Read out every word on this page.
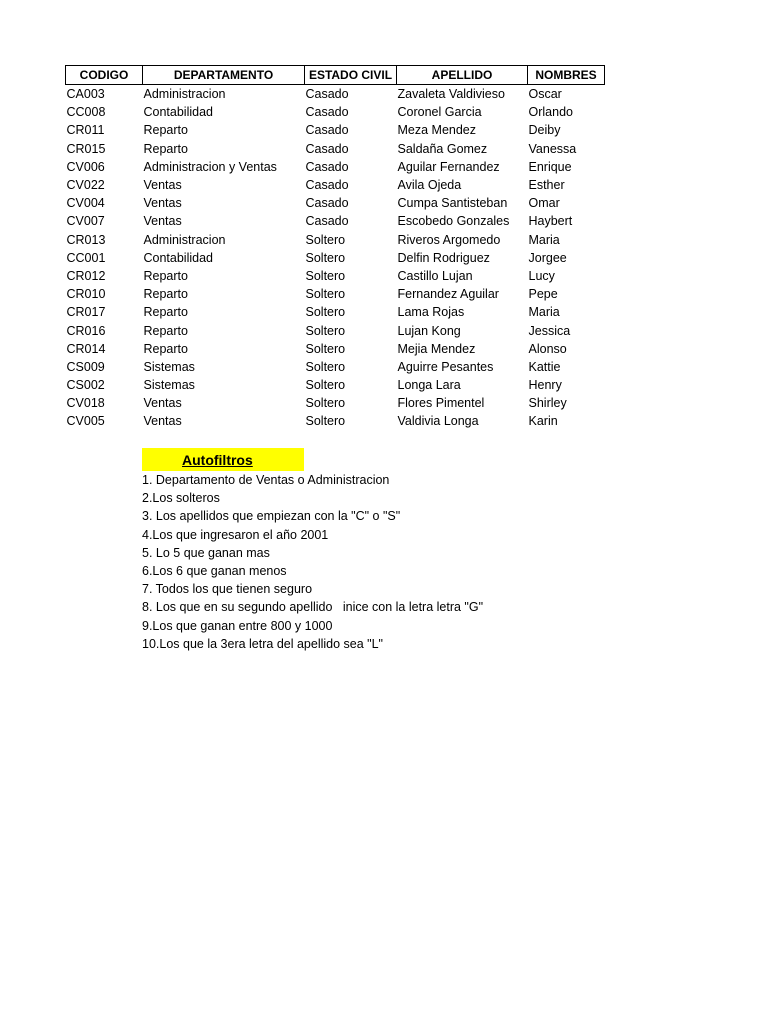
CODIGO	DEPARTAMENTO	ESTADO CIVIL	APELLIDO	NOMBRES
CA003	Administracion	Casado	Zavaleta Valdivieso	Oscar
CC008	Contabilidad	Casado	Coronel Garcia	Orlando
CR011	Reparto	Casado	Meza Mendez	Deiby
CR015	Reparto	Casado	Saldaña Gomez	Vanessa
CV006	Administracion y Ventas	Casado	Aguilar Fernandez	Enrique
CV022	Ventas	Casado	Avila Ojeda	Esther
CV004	Ventas	Casado	Cumpa Santisteban	Omar
CV007	Ventas	Casado	Escobedo Gonzales	Haybert
CR013	Administracion	Soltero	Riveros Argomedo	Maria
CC001	Contabilidad	Soltero	Delfin Rodriguez	Jorgee
CR012	Reparto	Soltero	Castillo Lujan	Lucy
CR010	Reparto	Soltero	Fernandez Aguilar	Pepe
CR017	Reparto	Soltero	Lama Rojas	Maria
CR016	Reparto	Soltero	Lujan Kong	Jessica
CR014	Reparto	Soltero	Mejia Mendez	Alonso
CS009	Sistemas	Soltero	Aguirre Pesantes	Kattie
CS002	Sistemas	Soltero	Longa Lara	Henry
CV018	Ventas	Soltero	Flores Pimentel	Shirley
CV005	Ventas	Soltero	Valdivia Longa	Karin
Autofiltros
1. Departamento de Ventas o Administracion
2.Los solteros
3. Los apellidos que empiezan con la "C" o "S"
4.Los que ingresaron el año 2001
5. Lo 5 que ganan mas
6.Los 6 que ganan menos
7. Todos los que tienen seguro
8. Los que en su segundo apellido   inice con la letra letra "G"
9.Los que ganan entre 800 y 1000
10.Los que la 3era letra del apellido sea "L"
